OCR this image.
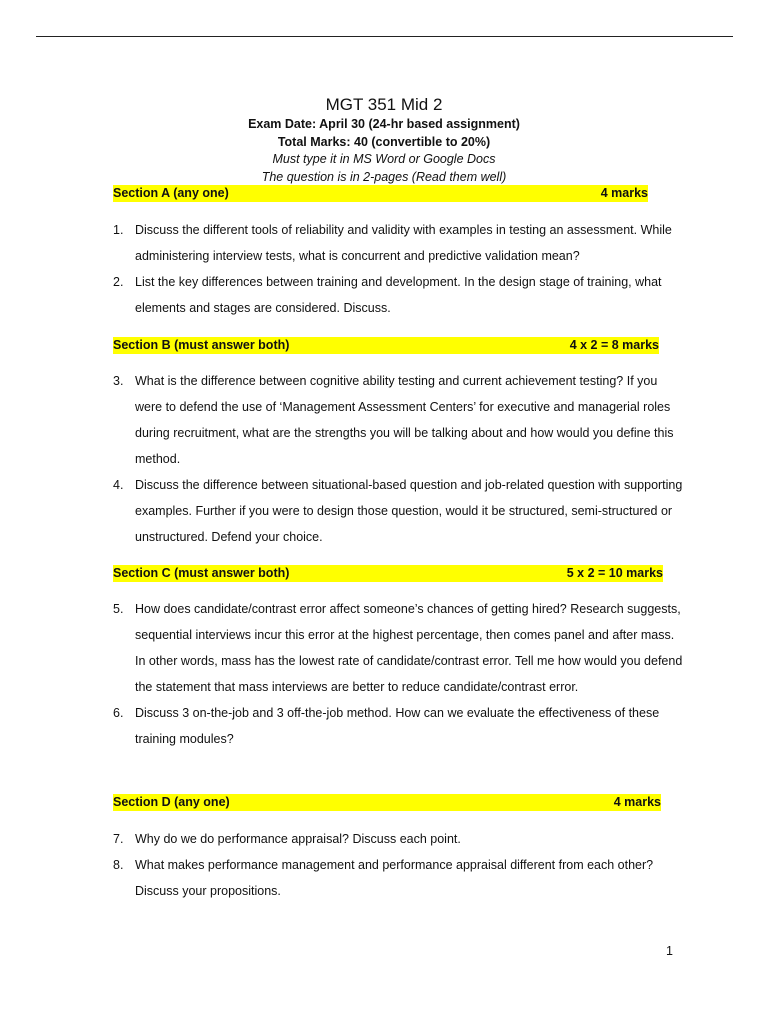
MGT 351 Mid 2

Exam Date: April 30 (24-hr based assignment)

Total Marks: 40 (convertible to 20%)

Must type it in MS Word or Google Docs

The question is in 2-pages (Read them well)

Section A (any one)	4 marks
1. Discuss the different tools of reliability and validity with examples in testing an assessment. While administering interview tests, what is concurrent and predictive validation mean?
2. List the key differences between training and development. In the design stage of training, what elements and stages are considered. Discuss.
Section B (must answer both)	4 x 2 = 8 marks
3. What is the difference between cognitive ability testing and current achievement testing? If you were to defend the use of ‘Management Assessment Centers’ for executive and managerial roles during recruitment, what are the strengths you will be talking about and how would you define this method.
4. Discuss the difference between situational-based question and job-related question with supporting examples. Further if you were to design those question, would it be structured, semi-structured or unstructured. Defend your choice.
Section C (must answer both)	5 x 2 = 10 marks
5. How does candidate/contrast error affect someone’s chances of getting hired? Research suggests, sequential interviews incur this error at the highest percentage, then comes panel and after mass. In other words, mass has the lowest rate of candidate/contrast error. Tell me how would you defend the statement that mass interviews are better to reduce candidate/contrast error.
6. Discuss 3 on-the-job and 3 off-the-job method. How can we evaluate the effectiveness of these training modules?
Section D (any one)	4 marks
7. Why do we do performance appraisal? Discuss each point.
8. What makes performance management and performance appraisal different from each other? Discuss your propositions.
1
